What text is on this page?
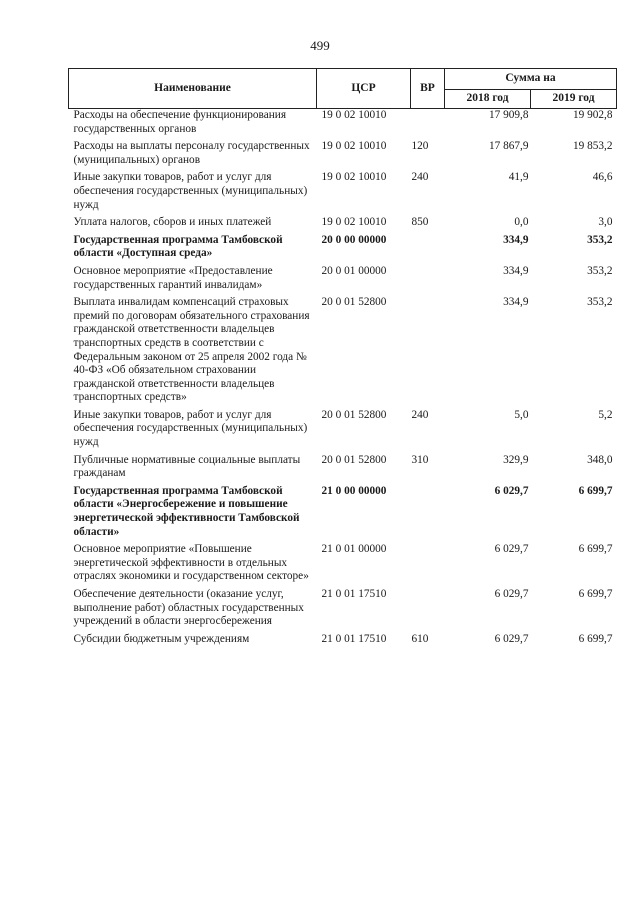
499
Наименование	ЦСР	ВР	Сумма на	
			2018 год	2019 год
Расходы на обеспечение функционирования государственных органов	19 0 02 10010		17 909,8	19 902,8
Расходы на выплаты персоналу государственных (муниципальных) органов	19 0 02 10010	120	17 867,9	19 853,2
Иные закупки товаров, работ и услуг для обеспечения государственных (муниципальных) нужд	19 0 02 10010	240	41,9	46,6
Уплата налогов, сборов и иных платежей	19 0 02 10010	850	0,0	3,0
Государственная программа Тамбовской области «Доступная среда»	20 0 00 00000		334,9	353,2
Основное мероприятие «Предоставление государственных гарантий инвалидам»	20 0 01 00000		334,9	353,2
Выплата инвалидам компенсаций страховых премий по договорам обязательного страхования гражданской ответственности владельцев транспортных средств в соответствии с Федеральным законом от 25 апреля 2002 года № 40-ФЗ «Об обязательном страховании гражданской ответственности владельцев транспортных средств»	20 0 01 52800		334,9	353,2
Иные закупки товаров, работ и услуг для обеспечения государственных (муниципальных) нужд	20 0 01 52800	240	5,0	5,2
Публичные нормативные социальные выплаты гражданам	20 0 01 52800	310	329,9	348,0
Государственная программа Тамбовской области «Энергосбережение и повышение энергетической эффективности Тамбовской области»	21 0 00 00000		6 029,7	6 699,7
Основное мероприятие «Повышение энергетической эффективности в отдельных отраслях экономики и государственном секторе»	21 0 01 00000		6 029,7	6 699,7
Обеспечение деятельности (оказание услуг, выполнение работ) областных государственных учреждений в области энергосбережения	21 0 01 17510		6 029,7	6 699,7
Субсидии бюджетным учреждениям	21 0 01 17510	610	6 029,7	6 699,7
